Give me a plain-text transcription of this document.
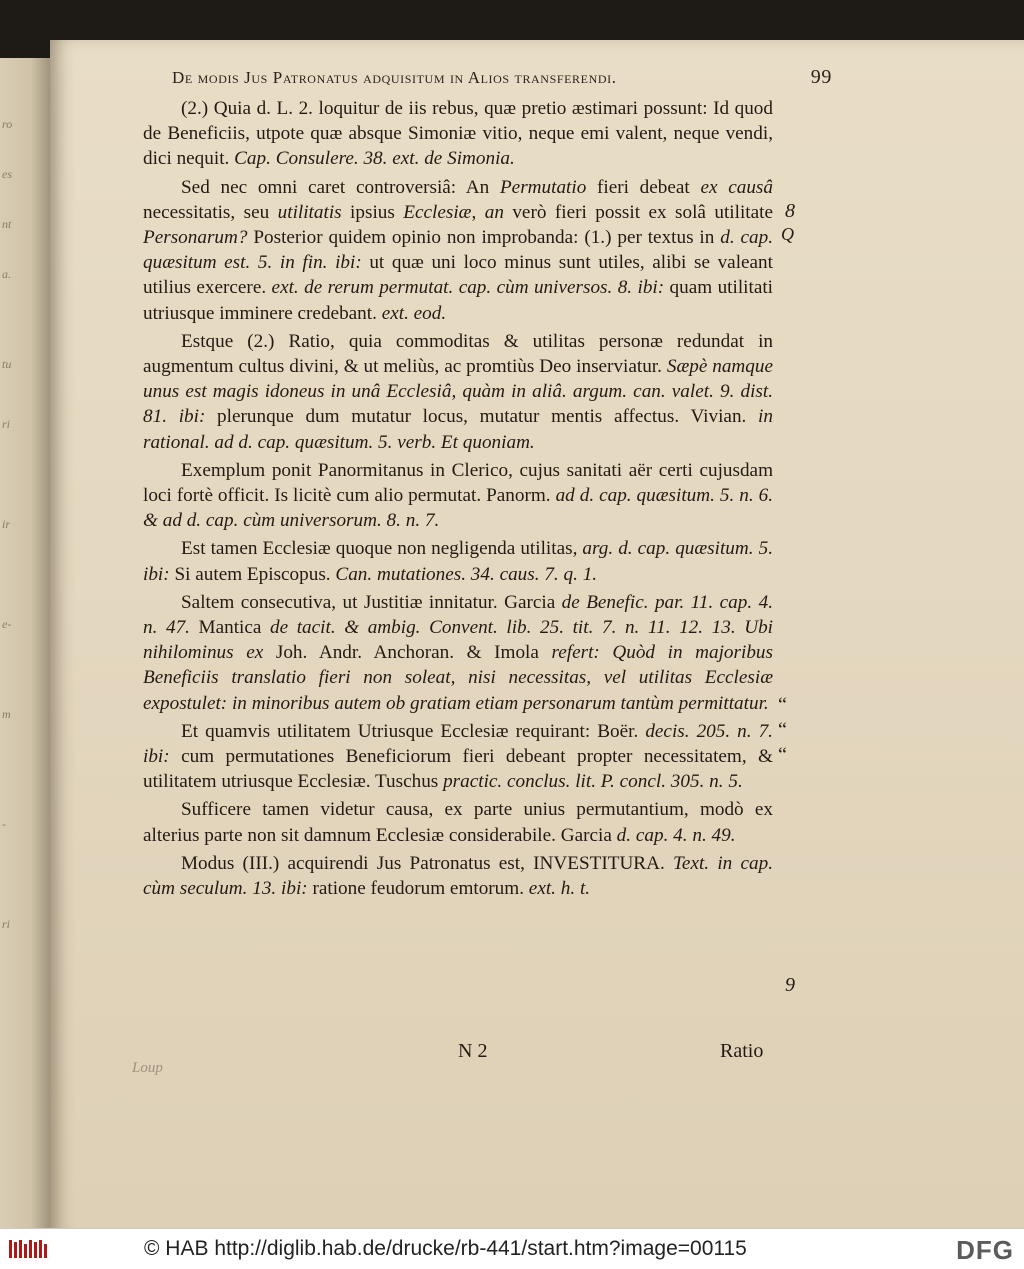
ro
es
nt
a.
tu
ri
ir
e-
m
-
ri
De modis Jus Patronatus adquisitum in Alios transferendi.	99

(2.) Quia d. L. 2. loquitur de iis rebus, quæ pretio æstimari possunt: Id quod de Beneficiis, utpote quæ absque Simoniæ vitio, neque emi valent, neque vendi, dici nequit. Cap. Consulere. 38. ext. de Simonia.

Sed nec omni caret controversiâ: An Permutatio fieri debeat ex causâ necessitatis, seu utilitatis ipsius Ecclesiæ, an verò fieri possit ex solâ utilitate Personarum? Posterior quidem opinio non improbanda: (1.) per textus in d. cap. quæsitum est. 5. in fin. ibi: ut quæ uni loco minus sunt utiles, alibi se valeant utilius exercere. ext. de rerum permutat. cap. cùm universos. 8. ibi: quam utilitati utriusque imminere credebant. ext. eod.

Estque (2.) Ratio, quia commoditas & utilitas personæ redundat in augmentum cultus divini, & ut meliùs, ac promtiùs Deo inserviatur. Sæpè namque unus est magis idoneus in unâ Ecclesiâ, quàm in aliâ. argum. can. valet. 9. dist. 81. ibi: plerunque dum mutatur locus, mutatur mentis affectus. Vivian. in rational. ad d. cap. quæsitum. 5. verb. Et quoniam.

Exemplum ponit Panormitanus in Clerico, cujus sanitati aër certi cujusdam loci fortè officit. Is licitè cum alio permutat. Panorm. ad d. cap. quæsitum. 5. n. 6. & ad d. cap. cùm universorum. 8. n. 7.

Est tamen Ecclesiæ quoque non negligenda utilitas, arg. d. cap. quæsitum. 5. ibi: Si autem Episcopus. Can. mutationes. 34. caus. 7. q. 1.

Saltem consecutiva, ut Justitiæ innitatur. Garcia de Benefic. par. 11. cap. 4. n. 47. Mantica de tacit. & ambig. Convent. lib. 25. tit. 7. n. 11. 12. 13. Ubi nihilominus ex Joh. Andr. Anchoran. & Imola refert: Quòd in majoribus Beneficiis translatio fieri non soleat, nisi necessitas, vel utilitas Ecclesiæ expostulet: in minoribus autem ob gratiam etiam personarum tantùm permittatur.

Et quamvis utilitatem Utriusque Ecclesiæ requirant: Boër. decis. 205. n. 7. ibi: cum permutationes Beneficiorum fieri debeant propter necessitatem, & utilitatem utriusque Ecclesiæ. Tuschus practic. conclus. lit. P. concl. 305. n. 5.

Sufficere tamen videtur causa, ex parte unius permutantium, modò ex alterius parte non sit damnum Ecclesiæ considerabile. Garcia d. cap. 4. n. 49.

Modus (III.) acquirendi Jus Patronatus est, INVESTITURA. Text. in cap. cùm seculum. 13. ibi: ratione feudorum emtorum. ext. h. t.

8
Q
9
“
“
“
N 2	Ratio
Loup
© HAB http://diglib.hab.de/drucke/rb-441/start.htm?image=00115	DFG
